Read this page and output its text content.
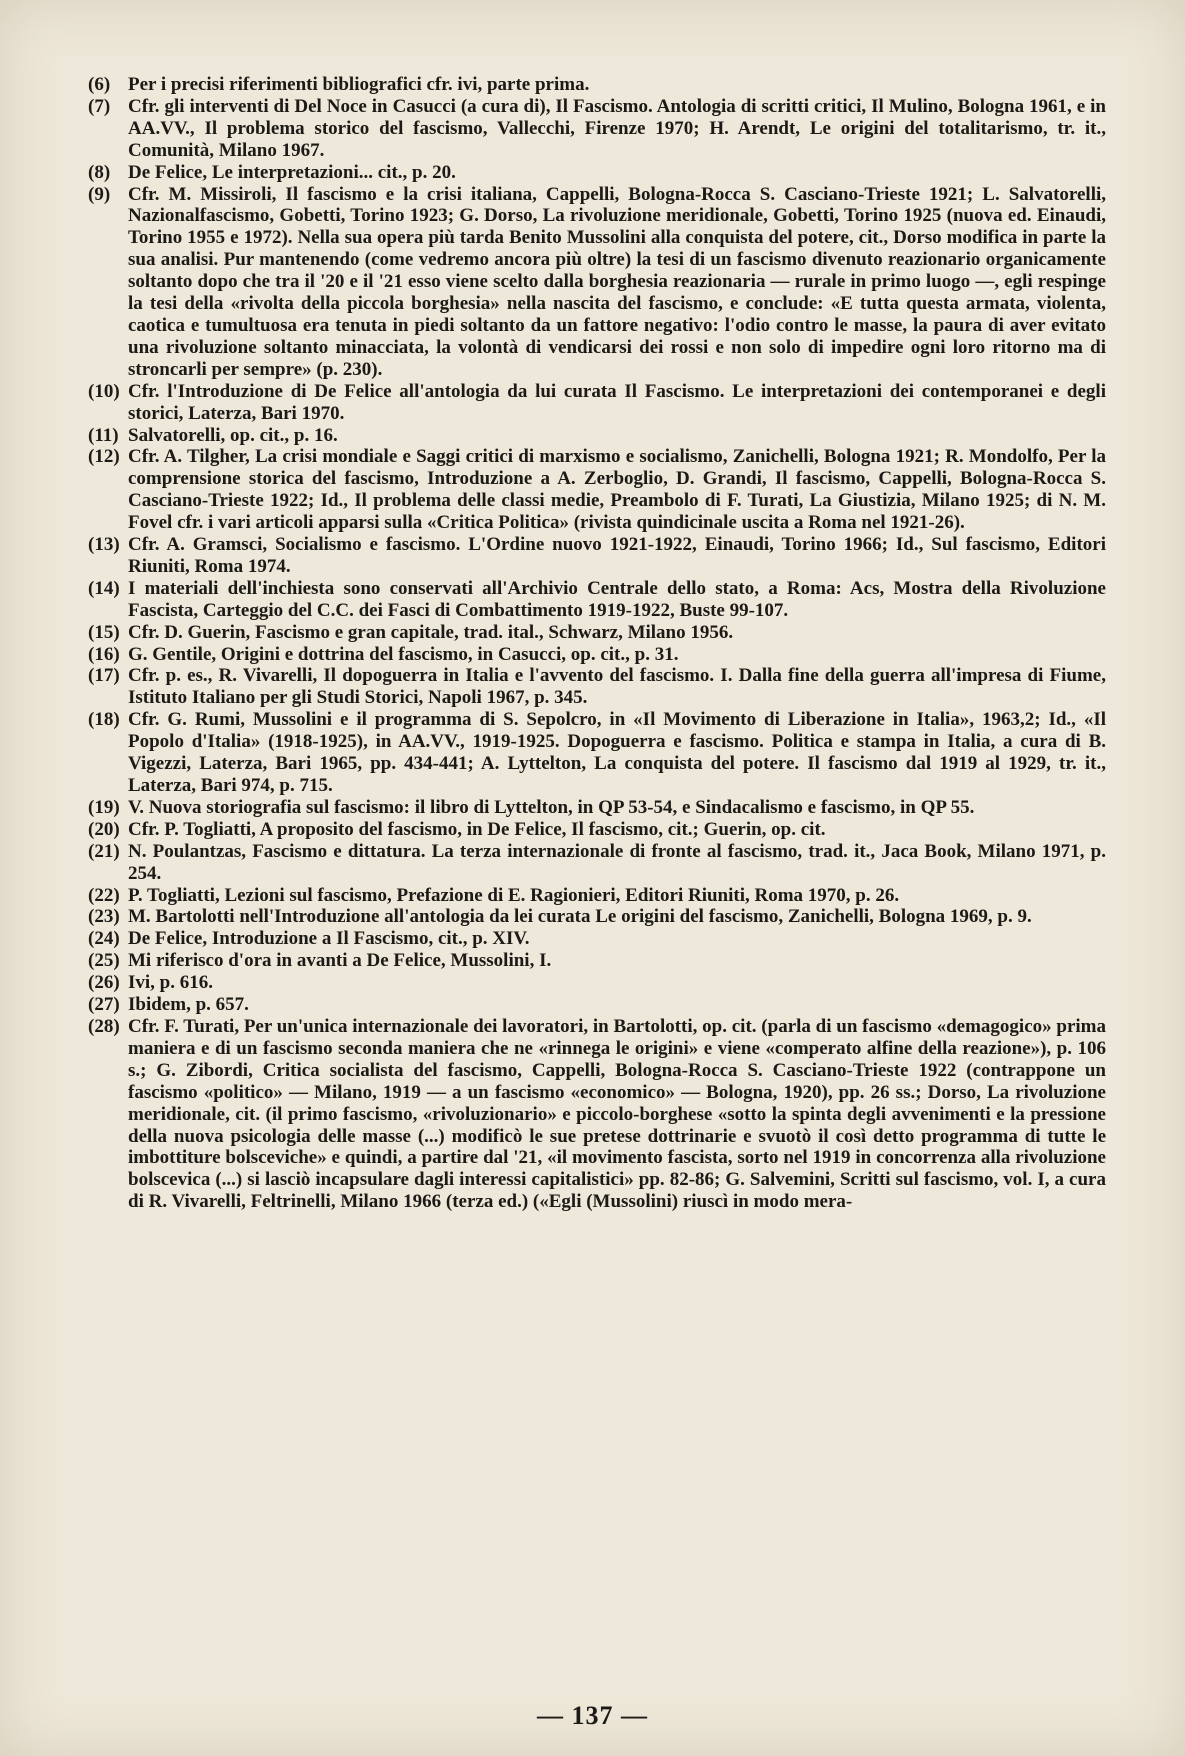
(6) Per i precisi riferimenti bibliografici cfr. ivi, parte prima.

(7) Cfr. gli interventi di Del Noce in Casucci (a cura di), Il Fascismo. Antologia di scritti critici, Il Mulino, Bologna 1961, e in AA.VV., Il problema storico del fascismo, Vallecchi, Firenze 1970; H. Arendt, Le origini del totalitarismo, tr. it., Comunità, Milano 1967.

(8) De Felice, Le interpretazioni... cit., p. 20.

(9) Cfr. M. Missiroli, Il fascismo e la crisi italiana, Cappelli, Bologna-Rocca S. Casciano-Trieste 1921; L. Salvatorelli, Nazionalfascismo, Gobetti, Torino 1923; G. Dorso, La rivoluzione meridionale, Gobetti, Torino 1925 (nuova ed. Einaudi, Torino 1955 e 1972). Nella sua opera più tarda Benito Mussolini alla conquista del potere, cit., Dorso modifica in parte la sua analisi. Pur mantenendo (come vedremo ancora più oltre) la tesi di un fascismo divenuto reazionario organicamente soltanto dopo che tra il '20 e il '21 esso viene scelto dalla borghesia reazionaria — rurale in primo luogo —, egli respinge la tesi della «rivolta della piccola borghesia» nella nascita del fascismo, e conclude: «E tutta questa armata, violenta, caotica e tumultuosa era tenuta in piedi soltanto da un fattore negativo: l'odio contro le masse, la paura di aver evitato una rivoluzione soltanto minacciata, la volontà di vendicarsi dei rossi e non solo di impedire ogni loro ritorno ma di stroncarli per sempre» (p. 230).

(10) Cfr. l'Introduzione di De Felice all'antologia da lui curata Il Fascismo. Le interpretazioni dei contemporanei e degli storici, Laterza, Bari 1970.

(11) Salvatorelli, op. cit., p. 16.

(12) Cfr. A. Tilgher, La crisi mondiale e Saggi critici di marxismo e socialismo, Zanichelli, Bologna 1921; R. Mondolfo, Per la comprensione storica del fascismo, Introduzione a A. Zerboglio, D. Grandi, Il fascismo, Cappelli, Bologna-Rocca S. Casciano-Trieste 1922; Id., Il problema delle classi medie, Preambolo di F. Turati, La Giustizia, Milano 1925; di N. M. Fovel cfr. i vari articoli apparsi sulla «Critica Politica» (rivista quindicinale uscita a Roma nel 1921-26).

(13) Cfr. A. Gramsci, Socialismo e fascismo. L'Ordine nuovo 1921-1922, Einaudi, Torino 1966; Id., Sul fascismo, Editori Riuniti, Roma 1974.

(14) I materiali dell'inchiesta sono conservati all'Archivio Centrale dello stato, a Roma: Acs, Mostra della Rivoluzione Fascista, Carteggio del C.C. dei Fasci di Combattimento 1919-1922, Buste 99-107.

(15) Cfr. D. Guerin, Fascismo e gran capitale, trad. ital., Schwarz, Milano 1956.

(16) G. Gentile, Origini e dottrina del fascismo, in Casucci, op. cit., p. 31.

(17) Cfr. p. es., R. Vivarelli, Il dopoguerra in Italia e l'avvento del fascismo. I. Dalla fine della guerra all'impresa di Fiume, Istituto Italiano per gli Studi Storici, Napoli 1967, p. 345.

(18) Cfr. G. Rumi, Mussolini e il programma di S. Sepolcro, in «Il Movimento di Liberazione in Italia», 1963,2; Id., «Il Popolo d'Italia» (1918-1925), in AA.VV., 1919-1925. Dopoguerra e fascismo. Politica e stampa in Italia, a cura di B. Vigezzi, Laterza, Bari 1965, pp. 434-441; A. Lyttelton, La conquista del potere. Il fascismo dal 1919 al 1929, tr. it., Laterza, Bari 974, p. 715.

(19) V. Nuova storiografia sul fascismo: il libro di Lyttelton, in QP 53-54, e Sindacalismo e fascismo, in QP 55.

(20) Cfr. P. Togliatti, A proposito del fascismo, in De Felice, Il fascismo, cit.; Guerin, op. cit.

(21) N. Poulantzas, Fascismo e dittatura. La terza internazionale di fronte al fascismo, trad. it., Jaca Book, Milano 1971, p. 254.

(22) P. Togliatti, Lezioni sul fascismo, Prefazione di E. Ragionieri, Editori Riuniti, Roma 1970, p. 26.

(23) M. Bartolotti nell'Introduzione all'antologia da lei curata Le origini del fascismo, Zanichelli, Bologna 1969, p. 9.

(24) De Felice, Introduzione a Il Fascismo, cit., p. XIV.

(25) Mi riferisco d'ora in avanti a De Felice, Mussolini, I.

(26) Ivi, p. 616.

(27) Ibidem, p. 657.

(28) Cfr. F. Turati, Per un'unica internazionale dei lavoratori, in Bartolotti, op. cit. (parla di un fascismo «demagogico» prima maniera e di un fascismo seconda maniera che ne «rinnega le origini» e viene «comperato alfine della reazione»), p. 106 s.; G. Zibordi, Critica socialista del fascismo, Cappelli, Bologna-Rocca S. Casciano-Trieste 1922 (contrappone un fascismo «politico» — Milano, 1919 — a un fascismo «economico» — Bologna, 1920), pp. 26 ss.; Dorso, La rivoluzione meridionale, cit. (il primo fascismo, «rivoluzionario» e piccolo-borghese «sotto la spinta degli avvenimenti e la pressione della nuova psicologia delle masse (...) modificò le sue pretese dottrinarie e svuotò il così detto programma di tutte le imbottiture bolsceviche» e quindi, a partire dal '21, «il movimento fascista, sorto nel 1919 in concorrenza alla rivoluzione bolscevica (...) si lasciò incapsulare dagli interessi capitalistici» pp. 82-86; G. Salvemini, Scritti sul fascismo, vol. I, a cura di R. Vivarelli, Feltrinelli, Milano 1966 (terza ed.) («Egli (Mussolini) riuscì in modo mera-

— 137 —
